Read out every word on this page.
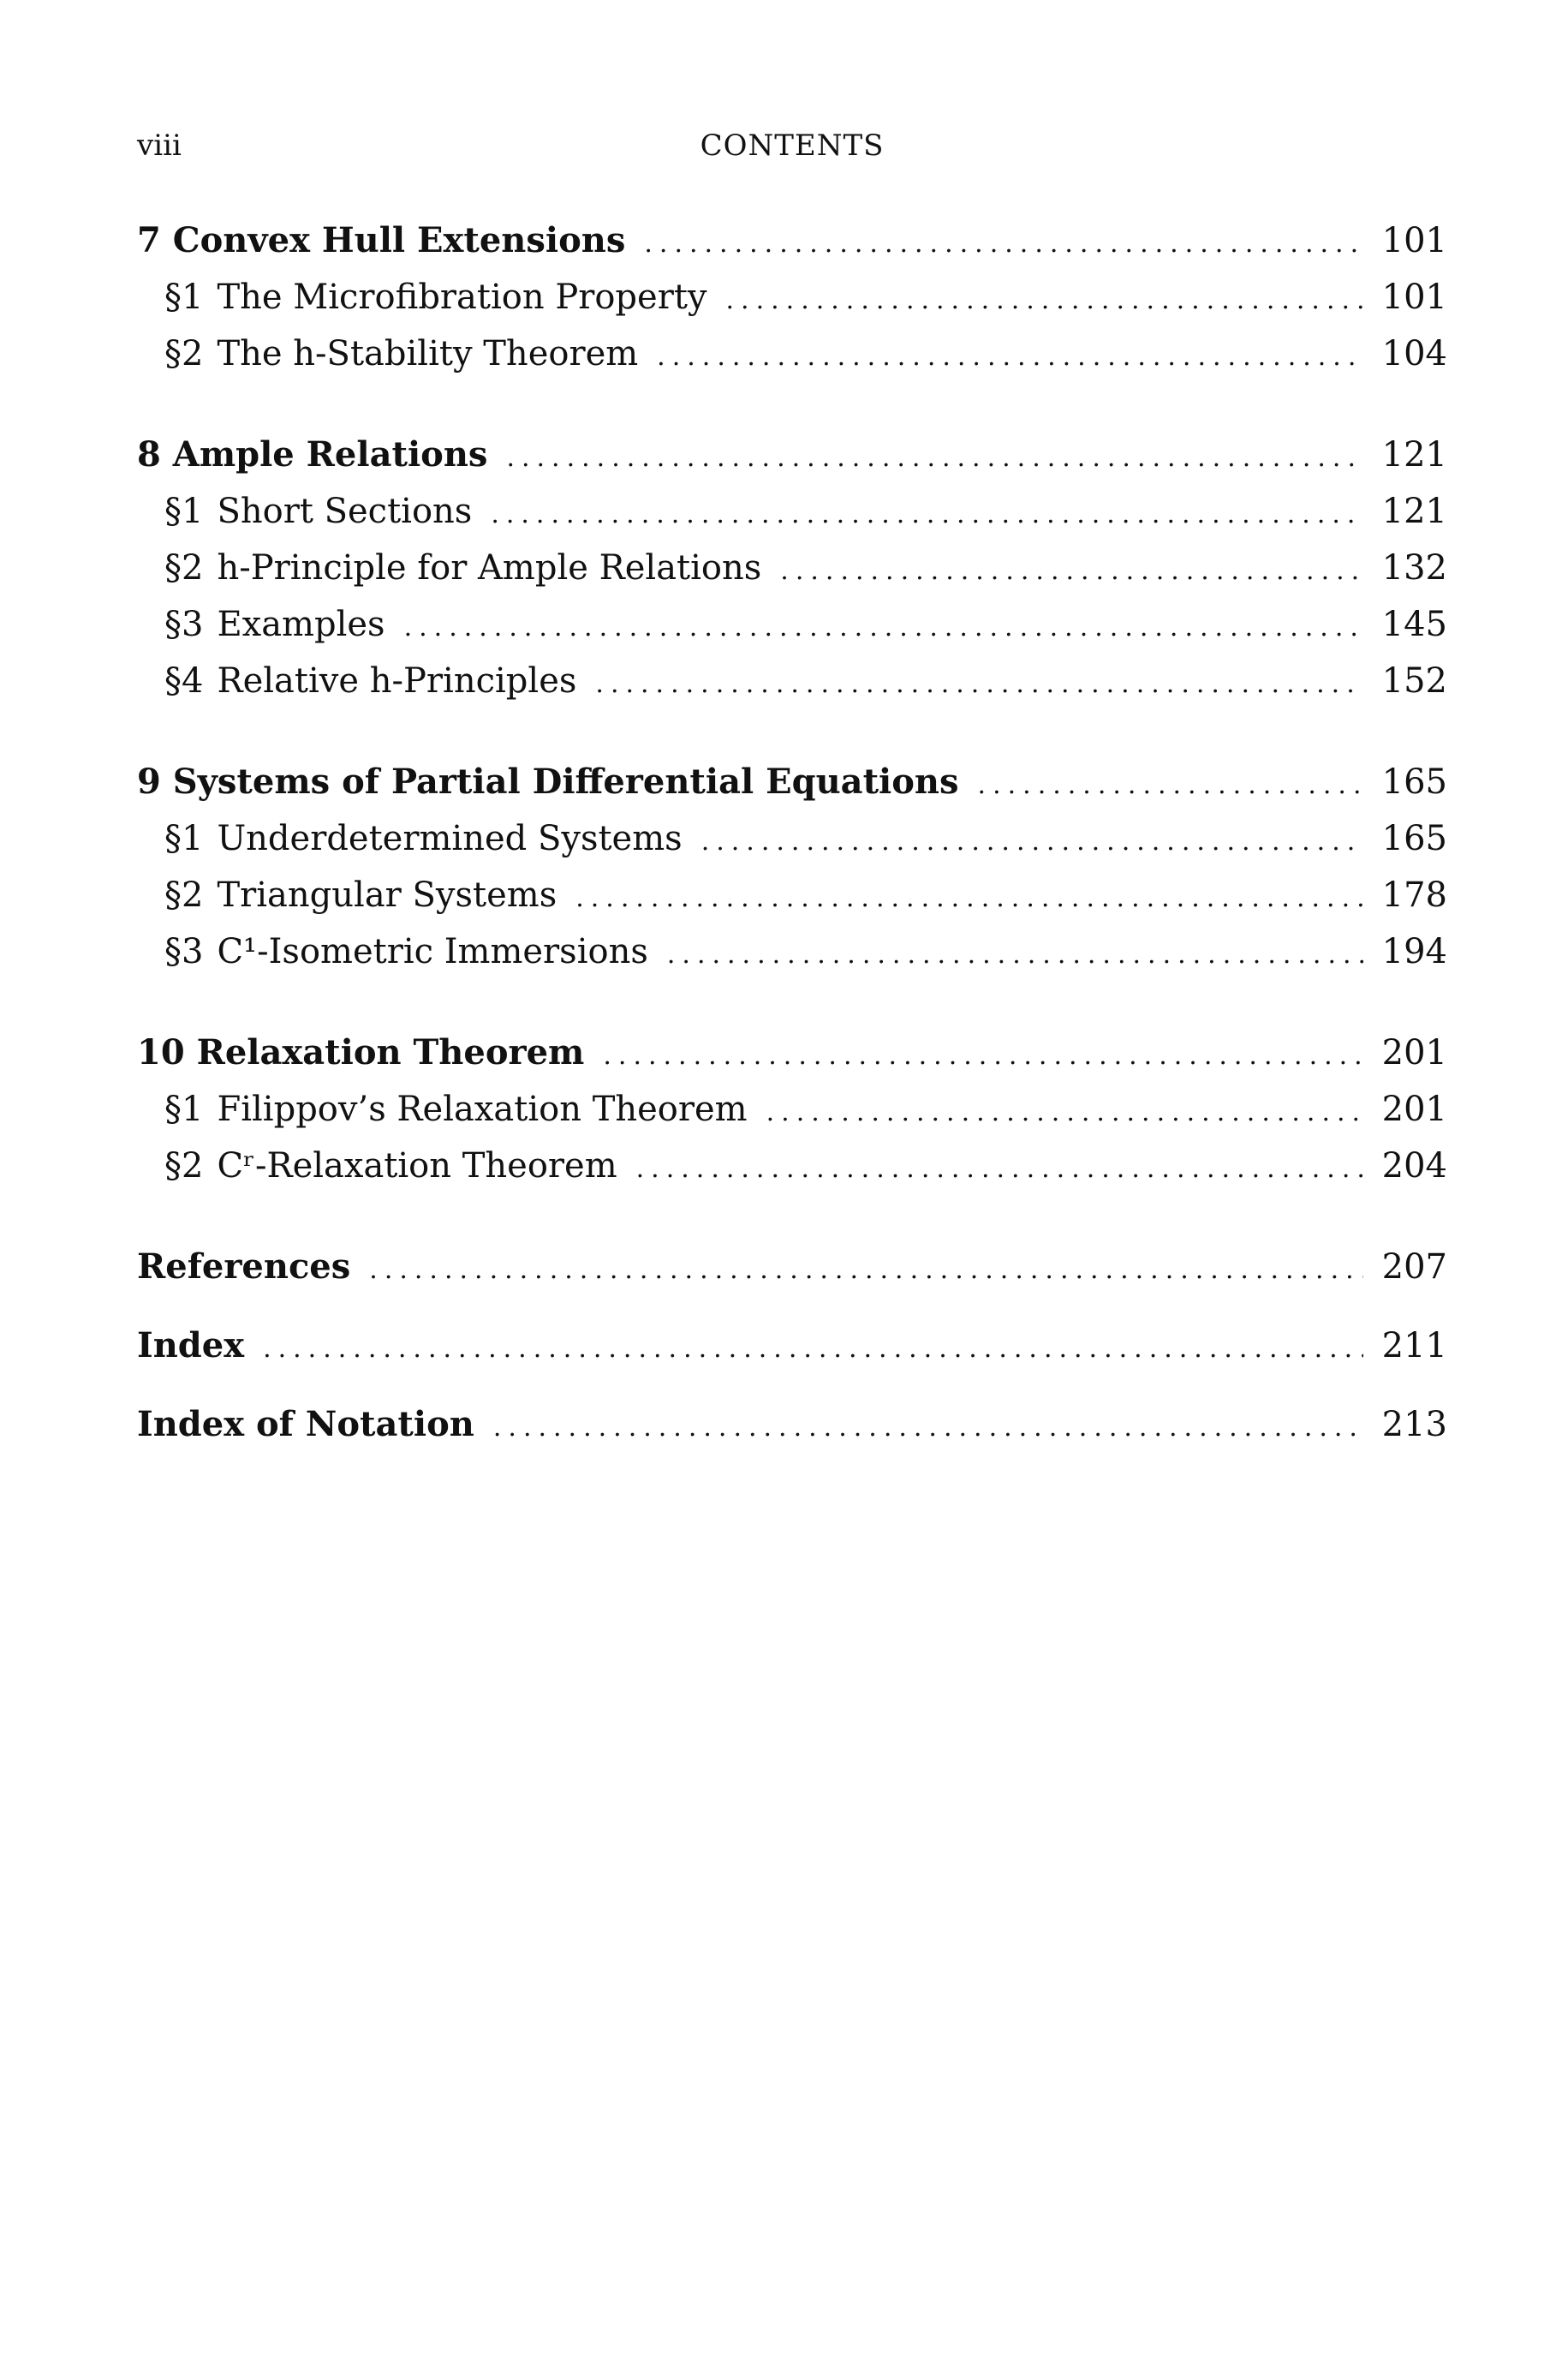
viii	CONTENTS
7 Convex Hull Extensions .....	101
§1 The Microfibration Property .....	101
§2 The h-Stability Theorem .....	104
8 Ample Relations .....	121
§1 Short Sections .....	121
§2 h-Principle for Ample Relations .....	132
§3 Examples .....	145
§4 Relative h-Principles .....	152
9 Systems of Partial Differential Equations .....	165
§1 Underdetermined Systems .....	165
§2 Triangular Systems .....	178
§3 C¹-Isometric Immersions .....	194
10 Relaxation Theorem .....	201
§1 Filippov’s Relaxation Theorem .....	201
§2 Cʳ-Relaxation Theorem .....	204
References .....	207
Index .....	211
Index of Notation .....	213
